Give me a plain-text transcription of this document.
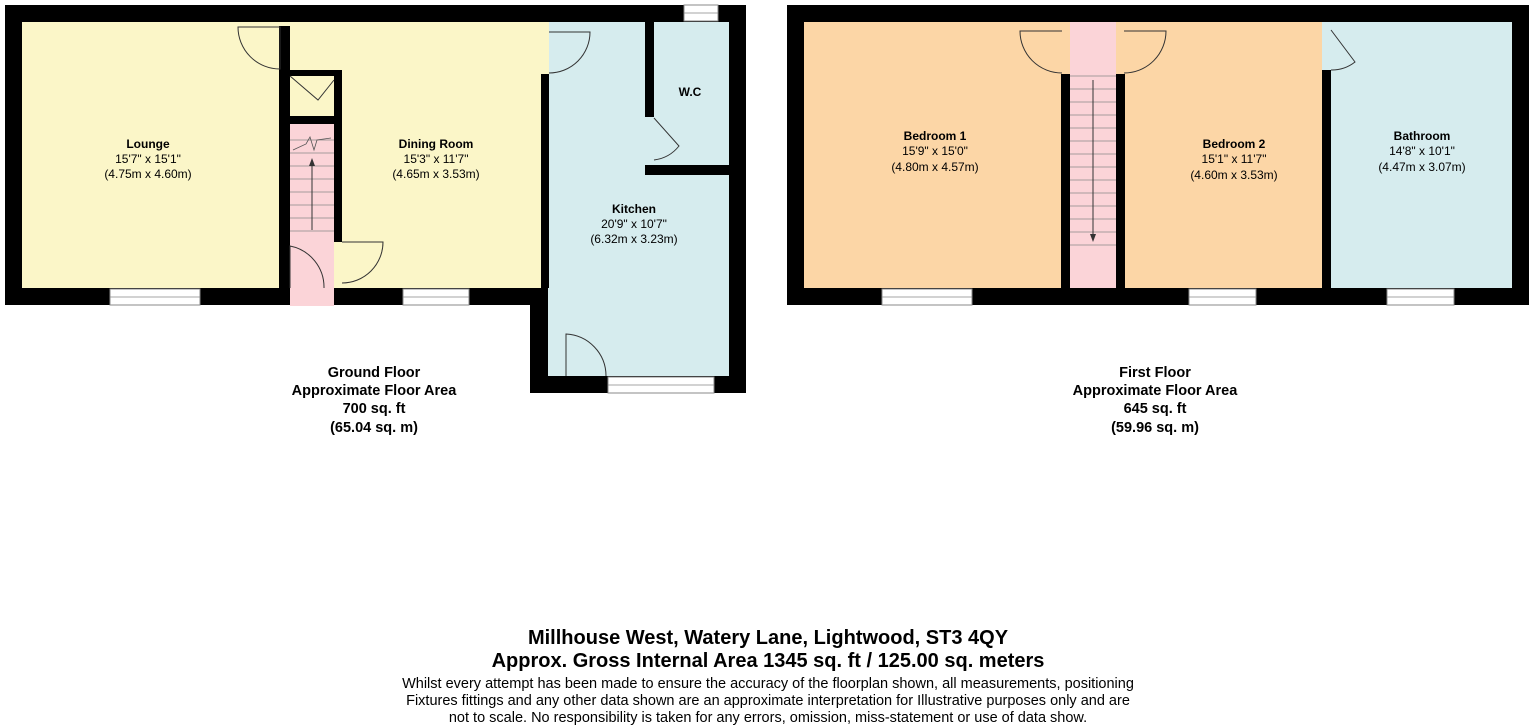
Lounge
15'7" x 15'1"
(4.75m x 4.60m)
Dining Room
15'3" x 11'7"
(4.65m x 3.53m)
Kitchen
20'9" x 10'7"
(6.32m x 3.23m)
W.C
Ground Floor
Approximate Floor Area
700 sq. ft
(65.04 sq. m)
Bedroom 1
15'9" x 15'0"
(4.80m x 4.57m)
Bedroom 2
15'1" x 11'7"
(4.60m x 3.53m)
Bathroom
14'8" x 10'1"
(4.47m x 3.07m)
First Floor
Approximate Floor Area
645 sq. ft
(59.96 sq. m)
Millhouse West, Watery Lane, Lightwood, ST3 4QY
Approx. Gross Internal Area 1345 sq. ft / 125.00 sq. meters
Whilst every attempt has been made to ensure the accuracy of the floorplan shown, all measurements, positioning
Fixtures fittings and any other data shown are an approximate interpretation for Illustrative purposes only and are
not to scale. No responsibility is taken for any errors, omission, miss-statement or use of data show.
